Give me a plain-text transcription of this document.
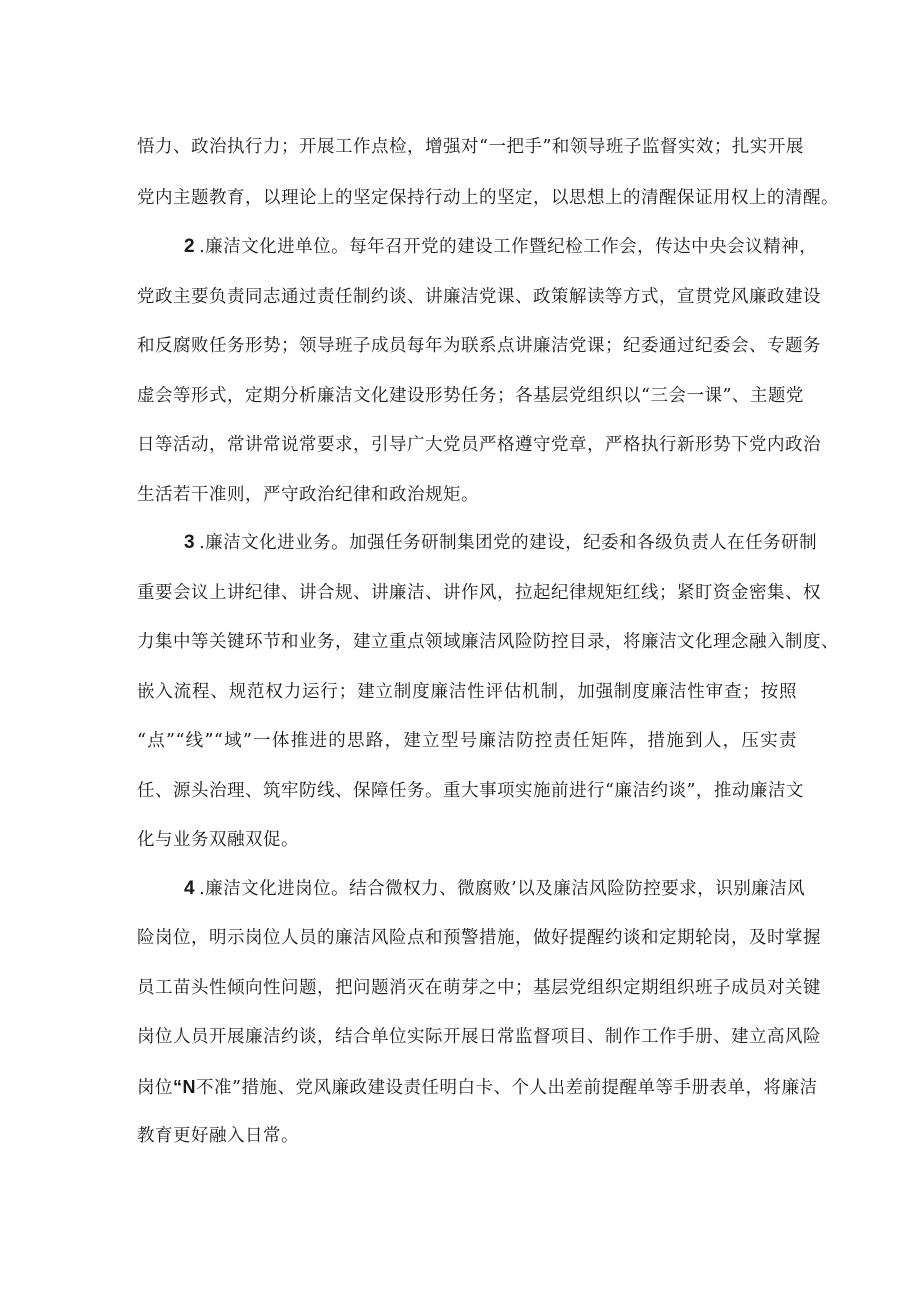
悟力、政治执行力；开展工作点检，增强对“一把手”和领导班子监督实效；扎实开展
党内主题教育，以理论上的坚定保持行动上的坚定，以思想上的清醒保证用权上的清醒。
2 .廉洁文化进单位。每年召开党的建设工作暨纪检工作会，传达中央会议精神，
党政主要负责同志通过责任制约谈、讲廉洁党课、政策解读等方式，宣贯党风廉政建设
和反腐败任务形势；领导班子成员每年为联系点讲廉洁党课；纪委通过纪委会、专题务
虚会等形式，定期分析廉洁文化建设形势任务；各基层党组织以“三会一课”、主题党
日等活动，常讲常说常要求，引导广大党员严格遵守党章，严格执行新形势下党内政治
生活若干准则，严守政治纪律和政治规矩。
3 .廉洁文化进业务。加强任务研制集团党的建设，纪委和各级负责人在任务研制
重要会议上讲纪律、讲合规、讲廉洁、讲作风，拉起纪律规矩红线；紧盯资金密集、权
力集中等关键环节和业务，建立重点领域廉洁风险防控目录，将廉洁文化理念融入制度、
嵌入流程、规范权力运行；建立制度廉洁性评估机制，加强制度廉洁性审查；按照
“点”“线”“域”一体推进的思路，建立型号廉洁防控责任矩阵，措施到人，压实责
任、源头治理、筑牢防线、保障任务。重大事项实施前进行“廉洁约谈”，推动廉洁文
化与业务双融双促。
4 .廉洁文化进岗位。结合微权力、微腐败’以及廉洁风险防控要求，识别廉洁风
险岗位，明示岗位人员的廉洁风险点和预警措施，做好提醒约谈和定期轮岗，及时掌握
员工苗头性倾向性问题，把问题消灭在萌芽之中；基层党组织定期组织班子成员对关键
岗位人员开展廉洁约谈，结合单位实际开展日常监督项目、制作工作手册、建立高风险
岗位“N不准”措施、党风廉政建设责任明白卡、个人出差前提醒单等手册表单，将廉洁
教育更好融入日常。
